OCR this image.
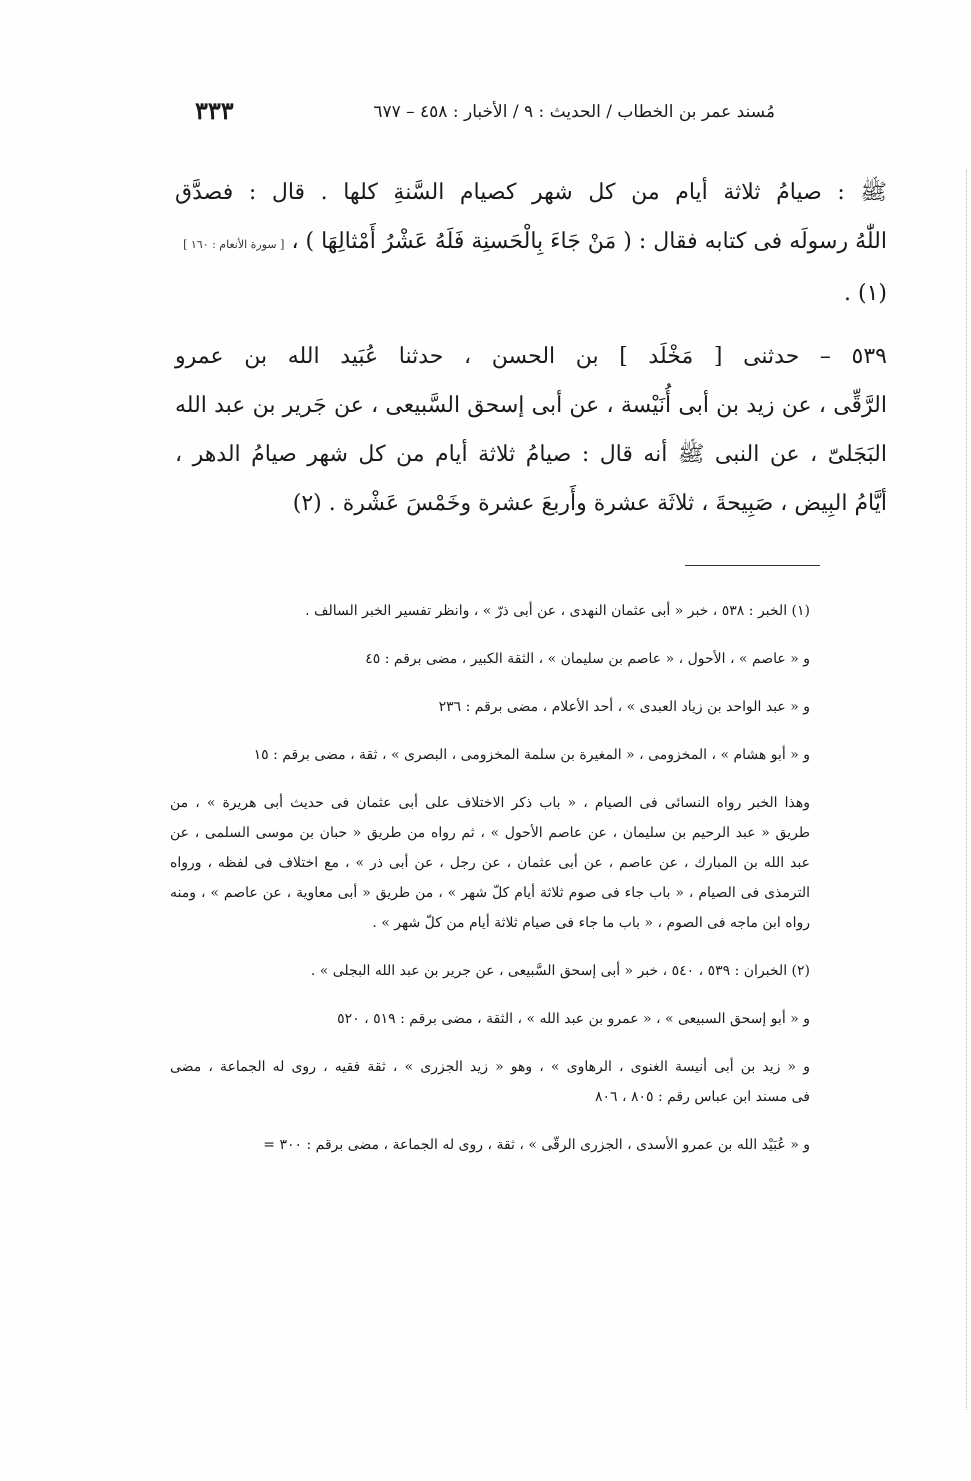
مُسند عمر بن الخطاب / الحديث : ٩ / الأخبار : ٤٥٨ – ٦٧٧
٣٣٣
ﷺ : صيامُ ثلاثة أيام من كل شهر كصيام السَّنةِ كلها . قال : فصدَّق
اللّٰهُ رسولَه فى كتابه فقال : ( مَنْ جَاءَ بِالْحَسنِة فَلَهُ عَشْرُ أَمْثالِهَا ) ، [ سورة الأنعام : ١٦٠ ]
(١) .
٥٣٩ – حدثنى [ مَخْلَد ] بن الحسن ، حدثنا عُبَيد الله بن عمرو
الرَّقِّى ، عن زيد بن أبى أُنَيْسة ، عن أبى إسحق السَّبيعى ، عن جَرير بن عبد الله
البَجَلىّ ، عن النبى ﷺ أنه قال : صيامُ ثلاثة أيام من كل شهر صيامُ الدهر ،
أيَّامُ البِيض ، صَبِيحةَ ، ثلاثَة عشرة وأَربعَ عشرة وخَمْسَ عَشْرة . (٢)
(١) الخبر : ٥٣٨ ، خبر « أبى عثمان النهدى ، عن أبى ذرّ » ، وانظر تفسير الخبر السالف .
و « عاصم » ، الأحول ، « عاصم بن سليمان » ، الثقة الكبير ، مضى برقم : ٤٥
و « عبد الواحد بن زياد العبدى » ، أحد الأعلام ، مضى برقم : ٢٣٦
و « أبو هشام » ، المخزومى ، « المغيرة بن سلمة المخزومى ، البصرى » ، ثقة ، مضى برقم : ١٥
وهذا الخبر رواه النسائى فى الصيام ، « باب ذكر الاختلاف على أبى عثمان فى حديث أبى هريرة » ، من
طريق « عبد الرحيم بن سليمان ، عن عاصم الأحول » ، ثم رواه من طريق « حبان بن موسى السلمى ، عن
عبد الله بن المبارك ، عن عاصم ، عن أبى عثمان ، عن رجل ، عن أبى ذر » ، مع اختلاف فى لفظه ، ورواه
الترمذى فى الصيام ، « باب جاء فى صوم ثلاثة أيام كلّ شهر » ، من طريق « أبى معاوية ، عن عاصم » ، ومنه
رواه ابن ماجه فى الصوم ، « باب ما جاء فى صيام ثلاثة أيام من كلّ شهر » .
(٢) الخبران : ٥٣٩ ، ٥٤٠ ، خبر « أبى إسحق السَّبيعى ، عن جرير بن عبد الله البجلى » .
و « أبو إسحق السبيعى » ، « عمرو بن عبد الله » ، الثقة ، مضى برقم : ٥١٩ ، ٥٢٠
و « زيد بن أبى أنيسة الغنوى ، الرهاوى » ، وهو « زيد الجزرى » ، ثقة فقيه ، روى له الجماعة ، مضى
فى مسند ابن عباس رقم : ٨٠٥ ، ٨٠٦
و « عُبَيْد الله بن عمرو الأسدى ، الجزرى الرقّى » ، ثقة ، روى له الجماعة ، مضى برقم : ٣٠٠ =
